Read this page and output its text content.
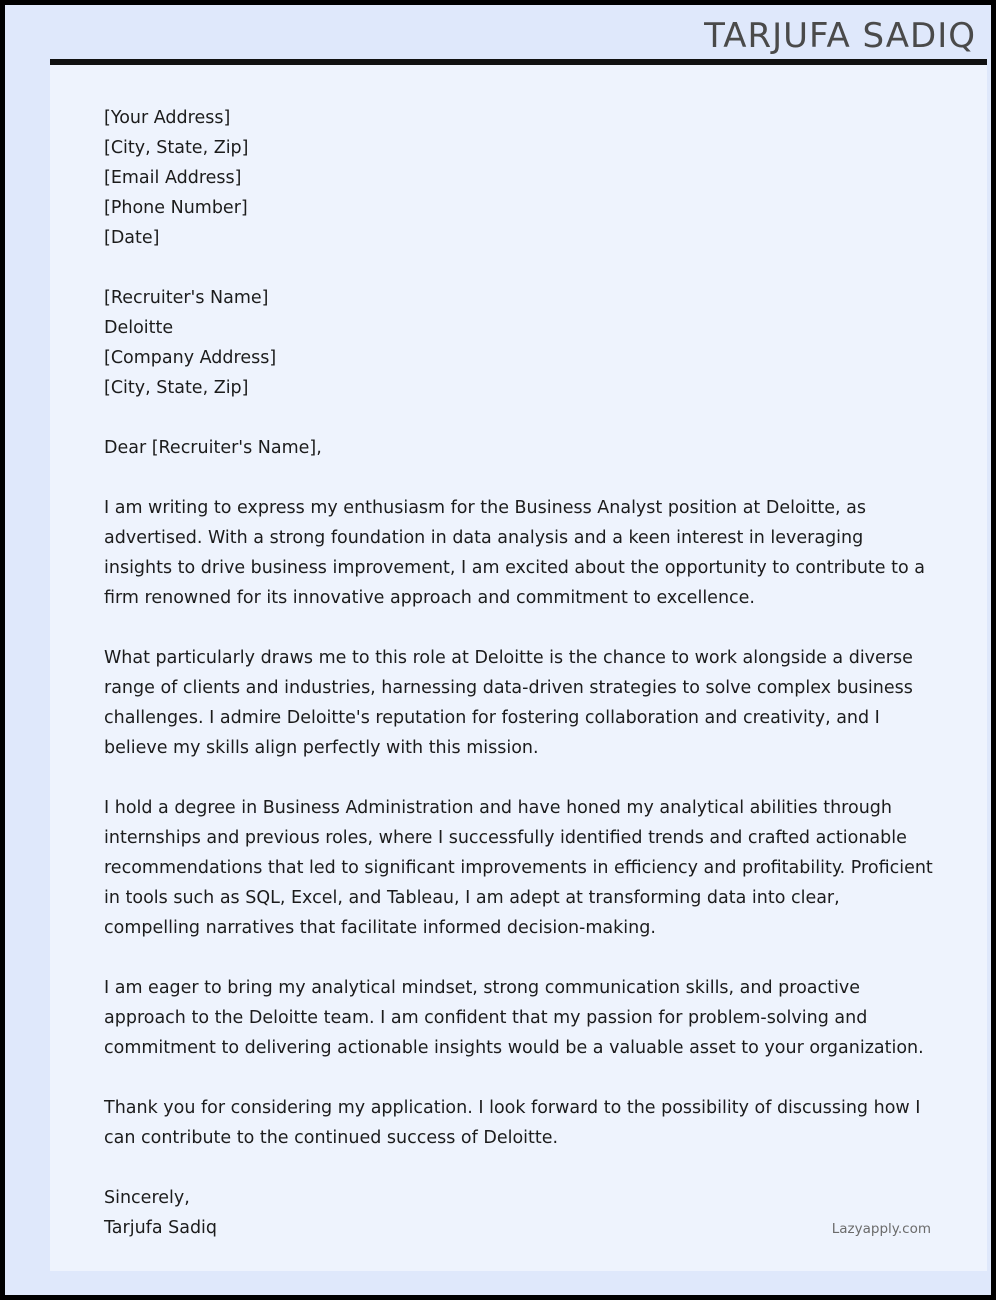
TARJUFA SADIQ
[Your Address]
[City, State, Zip]
[Email Address]
[Phone Number]
[Date]
[Recruiter's Name]
Deloitte
[Company Address]
[City, State, Zip]
Dear [Recruiter's Name],

I am writing to express my enthusiasm for the Business Analyst position at Deloitte, as advertised. With a strong foundation in data analysis and a keen interest in leveraging insights to drive business improvement, I am excited about the opportunity to contribute to a firm renowned for its innovative approach and commitment to excellence.

What particularly draws me to this role at Deloitte is the chance to work alongside a diverse range of clients and industries, harnessing data-driven strategies to solve complex business challenges. I admire Deloitte's reputation for fostering collaboration and creativity, and I believe my skills align perfectly with this mission.

I hold a degree in Business Administration and have honed my analytical abilities through internships and previous roles, where I successfully identified trends and crafted actionable recommendations that led to significant improvements in efficiency and profitability. Proficient in tools such as SQL, Excel, and Tableau, I am adept at transforming data into clear, compelling narratives that facilitate informed decision-making.

I am eager to bring my analytical mindset, strong communication skills, and proactive approach to the Deloitte team. I am confident that my passion for problem-solving and commitment to delivering actionable insights would be a valuable asset to your organization.

Thank you for considering my application. I look forward to the possibility of discussing how I can contribute to the continued success of Deloitte.

Sincerely,
Tarjufa Sadiq	Lazyapply.com
